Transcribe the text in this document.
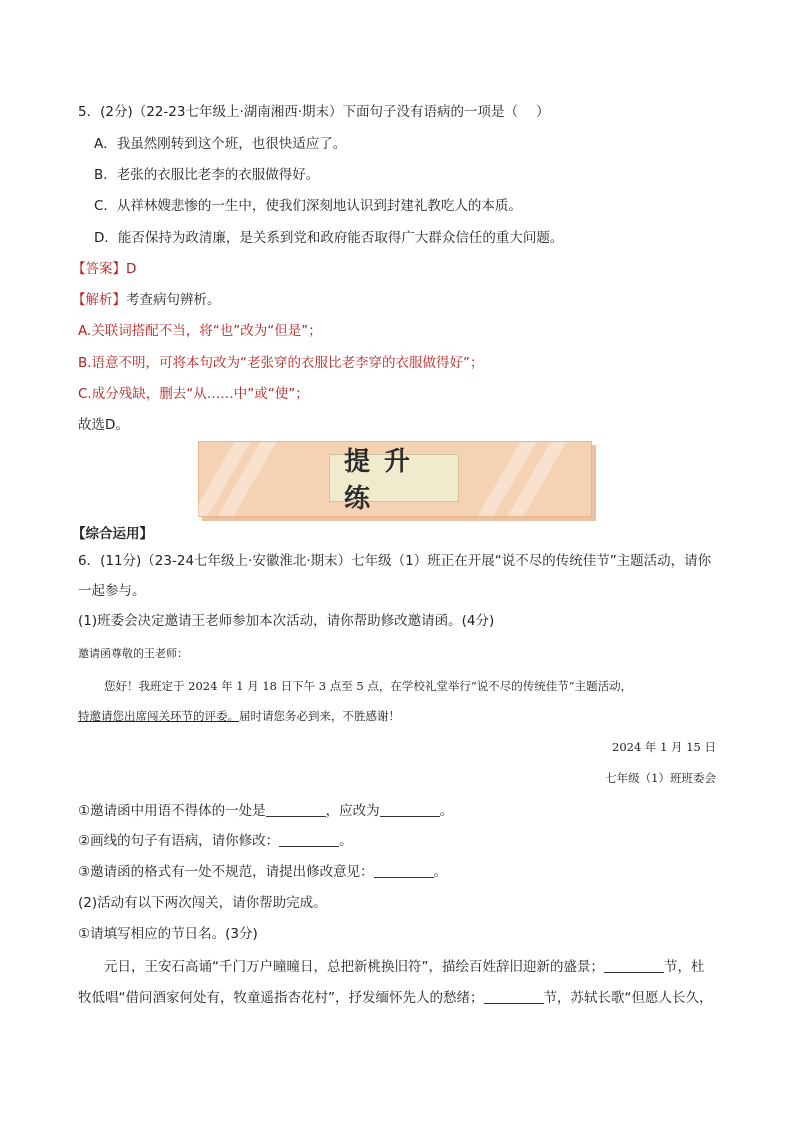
5．(2分)（22-23七年级上·湖南湘西·期末）下面句子没有语病的一项是（ ）
A．我虽然刚转到这个班，也很快适应了。
B．老张的衣服比老李的衣服做得好。
C．从祥林嫂悲惨的一生中，使我们深刻地认识到封建礼教吃人的本质。
D．能否保持为政清廉，是关系到党和政府能否取得广大群众信任的重大问题。
【答案】D
【解析】考查病句辨析。
A.关联词搭配不当，将“也”改为“但是”；
B.语意不明，可将本句改为“老张穿的衣服比老李穿的衣服做得好”；
C.成分残缺，删去“从……中”或“使”；
故选D。
提升练
【综合运用】
6．(11分)（23-24七年级上·安徽淮北·期末）七年级（1）班正在开展“说不尽的传统佳节”主题活动，请你
一起参与。
(1)班委会决定邀请王老师参加本次活动，请你帮助修改邀请函。(4分)
邀请函尊敬的王老师：
您好！我班定于 2024 年 1 月 18 日下午 3 点至 5 点，在学校礼堂举行“说不尽的传统佳节”主题活动，
特邀请您出席闯关环节的评委。届时请您务必到来，不胜感谢！
2024 年 1 月 15 日
七年级（1）班班委会
①邀请函中用语不得体的一处是	，应改为	。
②画线的句子有语病，请你修改：	。
③邀请函的格式有一处不规范，请提出修改意见：	。
(2)活动有以下两次闯关，请你帮助完成。
①请填写相应的节日名。(3分)
元日，王安石高诵“千门万户曈曈日，总把新桃换旧符”，描绘百姓辞旧迎新的盛景；	节，杜
牧低唱“借问酒家何处有，牧童遥指杏花村”，抒发缅怀先人的愁绪；	节，苏轼长歌“但愿人长久，
